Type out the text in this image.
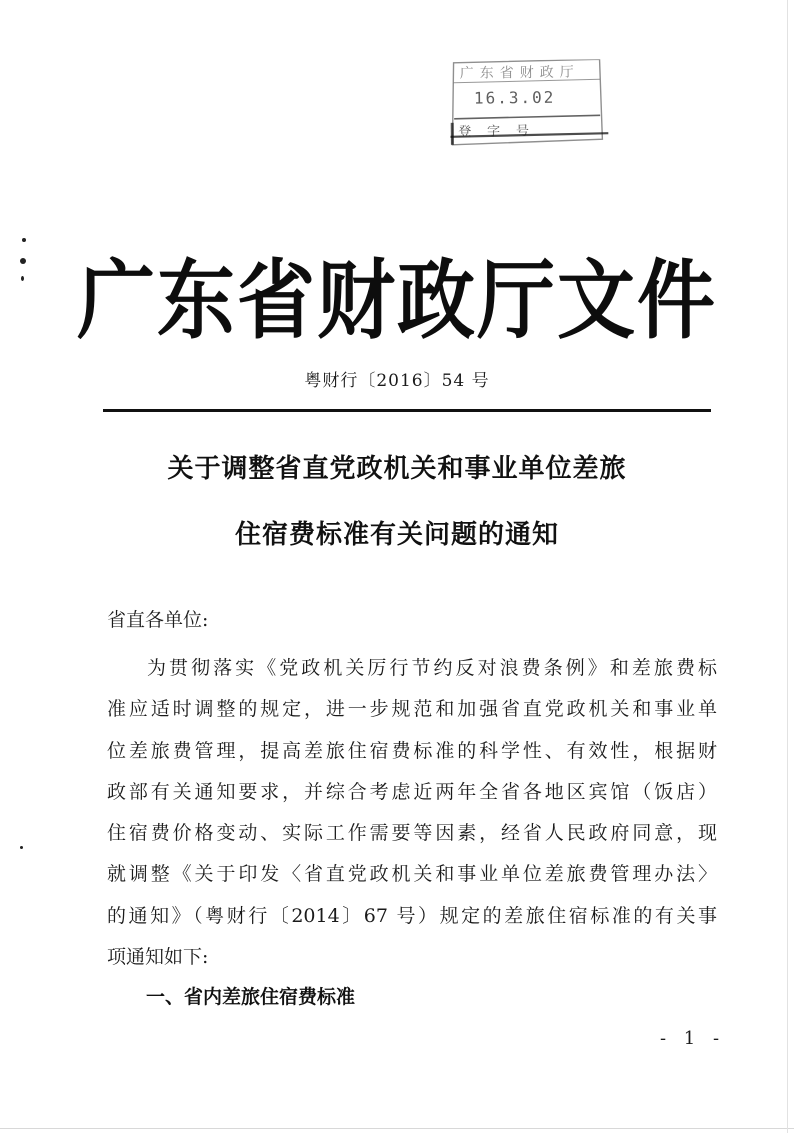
广东省财政厅
16.3.02
登 字 号
广东省财政厅文件
粤财行〔2016〕54 号
关于调整省直党政机关和事业单位差旅
住宿费标准有关问题的通知
省直各单位:
为贯彻落实《党政机关厉行节约反对浪费条例》和差旅费标
准应适时调整的规定，进一步规范和加强省直党政机关和事业单
位差旅费管理，提高差旅住宿费标准的科学性、有效性，根据财
政部有关通知要求，并综合考虑近两年全省各地区宾馆（饭店）
住宿费价格变动、实际工作需要等因素，经省人民政府同意，现
就调整《关于印发〈省直党政机关和事业单位差旅费管理办法〉
的通知》（粤财行〔2014〕67 号）规定的差旅住宿标准的有关事
项通知如下:
一、省内差旅住宿费标准
- 1 -
